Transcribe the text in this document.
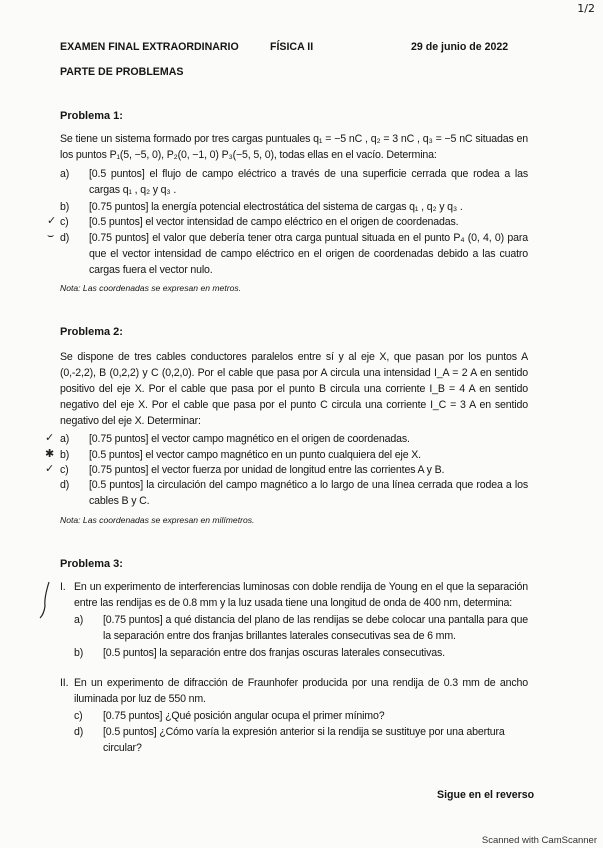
1/2
EXAMEN FINAL EXTRAORDINARIO	FÍSICA II	29 de junio de 2022
PARTE DE PROBLEMAS
Problema 1:
Se tiene un sistema formado por tres cargas puntuales q₁ = −5 nC , q₂ = 3 nC , q₃ = −5 nC situadas en los puntos P₁(5, −5, 0), P₂(0, −1, 0) P₃(−5, 5, 0), todas ellas en el vacío. Determina:
a) [0.5 puntos] el flujo de campo eléctrico a través de una superficie cerrada que rodea a las cargas q₁ , q₂ y q₃ .
b) [0.75 puntos] la energía potencial electrostática del sistema de cargas q₁ , q₂ y q₃ .
c) [0.5 puntos] el vector intensidad de campo eléctrico en el origen de coordenadas.
d) [0.75 puntos] el valor que debería tener otra carga puntual situada en el punto P₄ (0, 4, 0) para que el vector intensidad de campo eléctrico en el origen de coordenadas debido a las cuatro cargas fuera el vector nulo.
Nota: Las coordenadas se expresan en metros.
✓
⌣
Problema 2:
Se dispone de tres cables conductores paralelos entre sí y al eje X, que pasan por los puntos A (0,-2,2), B (0,2,2) y C (0,2,0). Por el cable que pasa por A circula una intensidad I_A = 2 A en sentido positivo del eje X. Por el cable que pasa por el punto B circula una corriente I_B = 4 A en sentido negativo del eje X. Por el cable que pasa por el punto C circula una corriente I_C = 3 A en sentido negativo del eje X. Determinar:
a) [0.75 puntos] el vector campo magnético en el origen de coordenadas.
b) [0.5 puntos] el vector campo magnético en un punto cualquiera del eje X.
c) [0.75 puntos] el vector fuerza por unidad de longitud entre las corrientes A y B.
d) [0.5 puntos] la circulación del campo magnético a lo largo de una línea cerrada que rodea a los cables B y C.
Nota: Las coordenadas se expresan en milímetros.
✓
✱
✓
Problema 3:
I. En un experimento de interferencias luminosas con doble rendija de Young en el que la separación entre las rendijas es de 0.8 mm y la luz usada tiene una longitud de onda de 400 nm, determina:
a) [0.75 puntos] a qué distancia del plano de las rendijas se debe colocar una pantalla para que la separación entre dos franjas brillantes laterales consecutivas sea de 6 mm.
b) [0.5 puntos] la separación entre dos franjas oscuras laterales consecutivas.
II. En un experimento de difracción de Fraunhofer producida por una rendija de 0.3 mm de ancho iluminada por luz de 550 nm.
c) [0.75 puntos] ¿Qué posición angular ocupa el primer mínimo?
d) [0.5 puntos] ¿Cómo varía la expresión anterior si la rendija se sustituye por una abertura circular?
Sigue en el reverso
Scanned with CamScanner
